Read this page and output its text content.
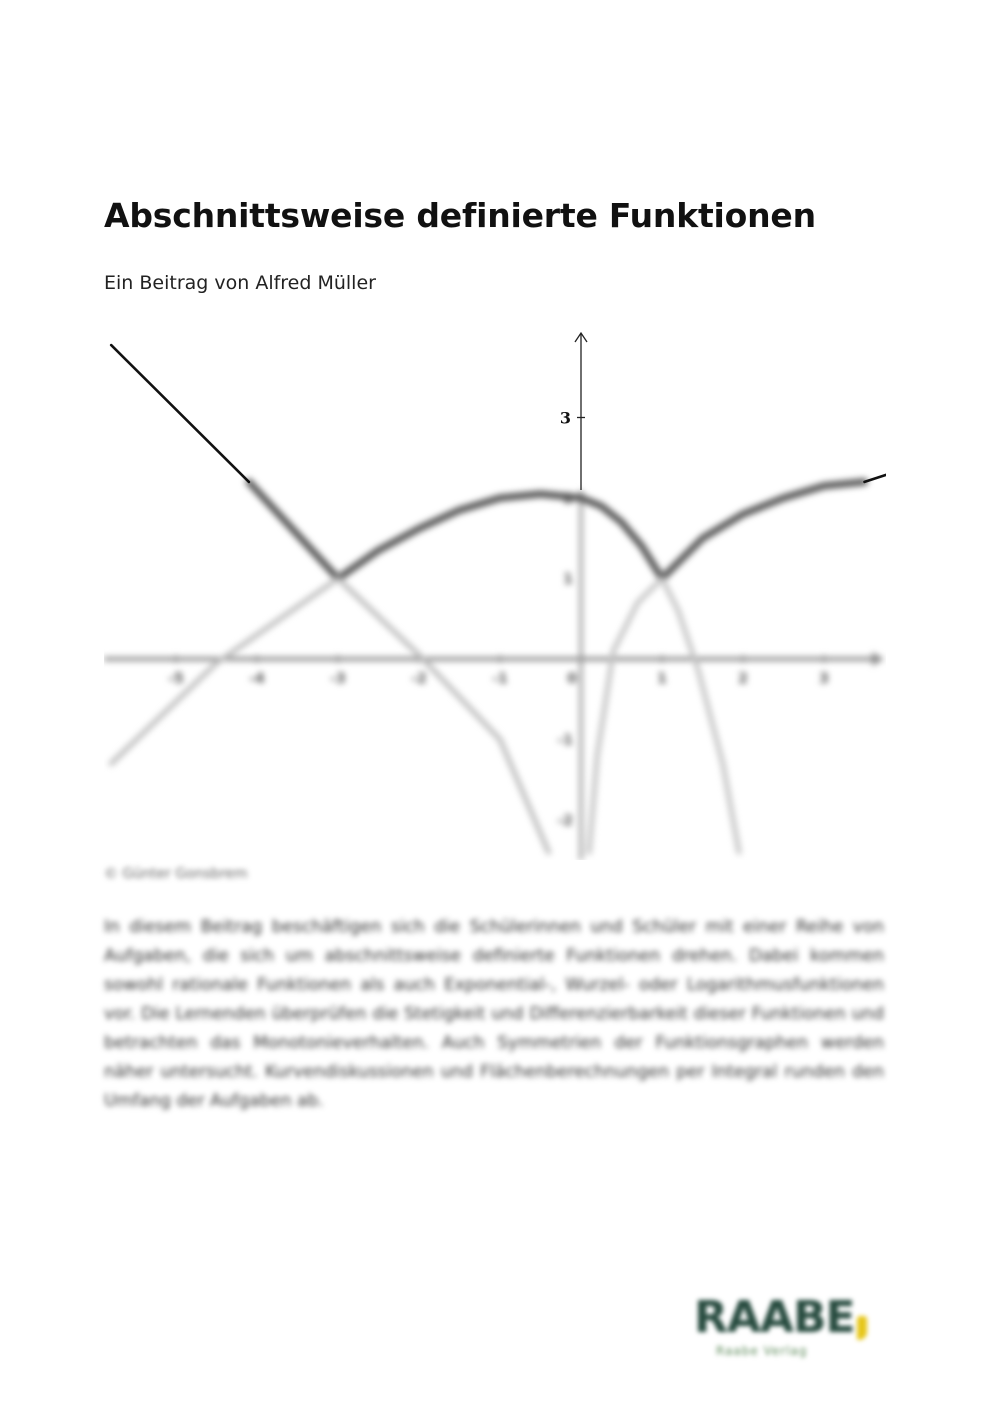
Abschnittsweise definierte Funktionen

Ein Beitrag von Alfred Müller

-5	-4	-3	-2	-1	0	1	2	3
2
1
-1
-2
3

© Günter Gonsbrem

In diesem Beitrag beschäftigen sich die Schülerinnen und Schüler mit einer Reihe von Aufgaben, die sich um abschnittsweise definierte Funktionen drehen. Dabei kommen sowohl rationale Funktionen als auch Exponential-, Wurzel- oder Logarithmusfunktionen vor. Die Lernenden überprüfen die Stetigkeit und Differenzierbarkeit dieser Funktionen und betrachten das Monotonieverhalten. Auch Symmetrien der Funktionsgraphen werden näher untersucht. Kurvendiskussionen und Flächenberechnungen per Integral runden den Umfang der Aufgaben ab.

RAABE
Raabe Verlag
